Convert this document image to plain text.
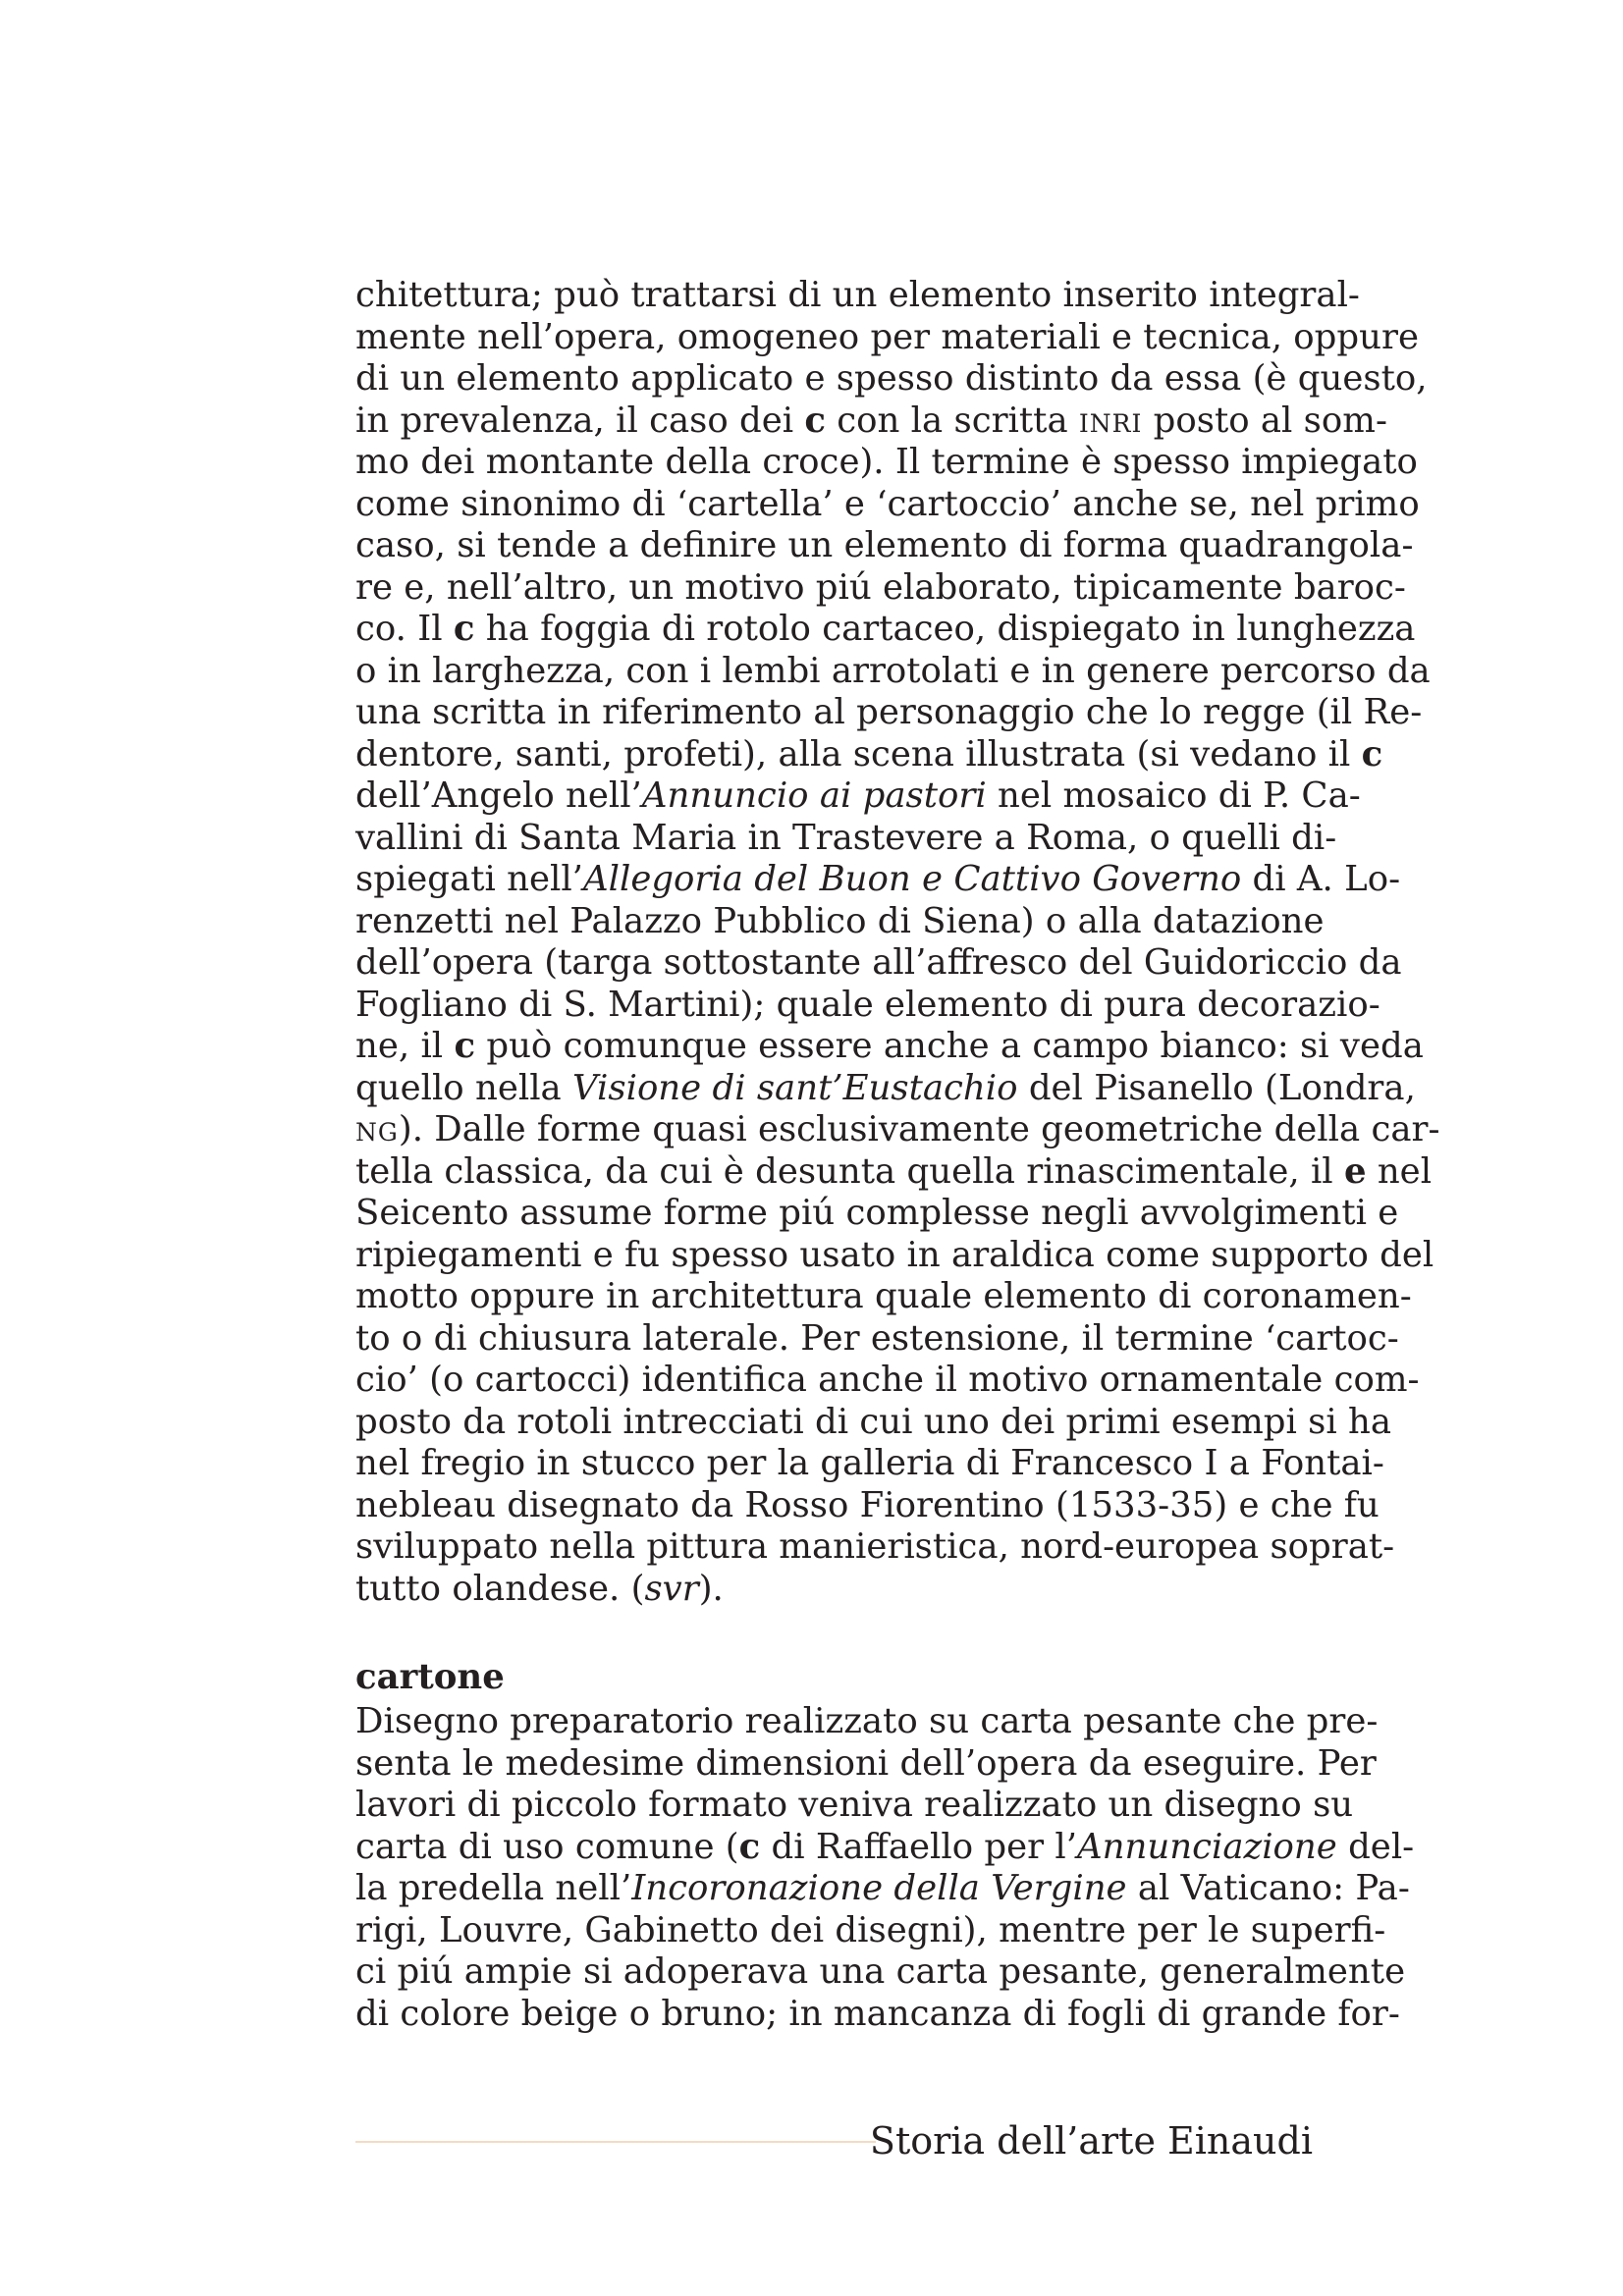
chitettura; può trattarsi di un elemento inserito integral-
mente nell’opera, omogeneo per materiali e tecnica, oppure
di un elemento applicato e spesso distinto da essa (è questo,
in prevalenza, il caso dei c con la scritta inri posto al som-
mo dei montante della croce). Il termine è spesso impiegato
come sinonimo di ‘cartella’ e ‘cartoccio’ anche se, nel primo
caso, si tende a definire un elemento di forma quadrangola-
re e, nell’altro, un motivo piú elaborato, tipicamente baroc-
co. Il c ha foggia di rotolo cartaceo, dispiegato in lunghezza
o in larghezza, con i lembi arrotolati e in genere percorso da
una scritta in riferimento al personaggio che lo regge (il Re-
dentore, santi, profeti), alla scena illustrata (si vedano il c
dell’Angelo nell’Annuncio ai pastori nel mosaico di P. Ca-
vallini di Santa Maria in Trastevere a Roma, o quelli di-
spiegati nell’Allegoria del Buon e Cattivo Governo di A. Lo-
renzetti nel Palazzo Pubblico di Siena) o alla datazione
dell’opera (targa sottostante all’affresco del Guidoriccio da
Fogliano di S. Martini); quale elemento di pura decorazio-
ne, il c può comunque essere anche a campo bianco: si veda
quello nella Visione di sant’Eustachio del Pisanello (Londra,
ng). Dalle forme quasi esclusivamente geometriche della car-
tella classica, da cui è desunta quella rinascimentale, il e nel
Seicento assume forme piú complesse negli avvolgimenti e
ripiegamenti e fu spesso usato in araldica come supporto del
motto oppure in architettura quale elemento di coronamen-
to o di chiusura laterale. Per estensione, il termine ‘cartoc-
cio’ (o cartocci) identifica anche il motivo ornamentale com-
posto da rotoli intrecciati di cui uno dei primi esempi si ha
nel fregio in stucco per la galleria di Francesco I a Fontai-
nebleau disegnato da Rosso Fiorentino (1533-35) e che fu
sviluppato nella pittura manieristica, nord-europea soprat-
tutto olandese. (svr).
cartone
Disegno preparatorio realizzato su carta pesante che pre-
senta le medesime dimensioni dell’opera da eseguire. Per
lavori di piccolo formato veniva realizzato un disegno su
carta di uso comune (c di Raffaello per l’Annunciazione del-
la predella nell’Incoronazione della Vergine al Vaticano: Pa-
rigi, Louvre, Gabinetto dei disegni), mentre per le superfi-
ci piú ampie si adoperava una carta pesante, generalmente
di colore beige o bruno; in mancanza di fogli di grande for-
Storia dell’arte Einaudi
